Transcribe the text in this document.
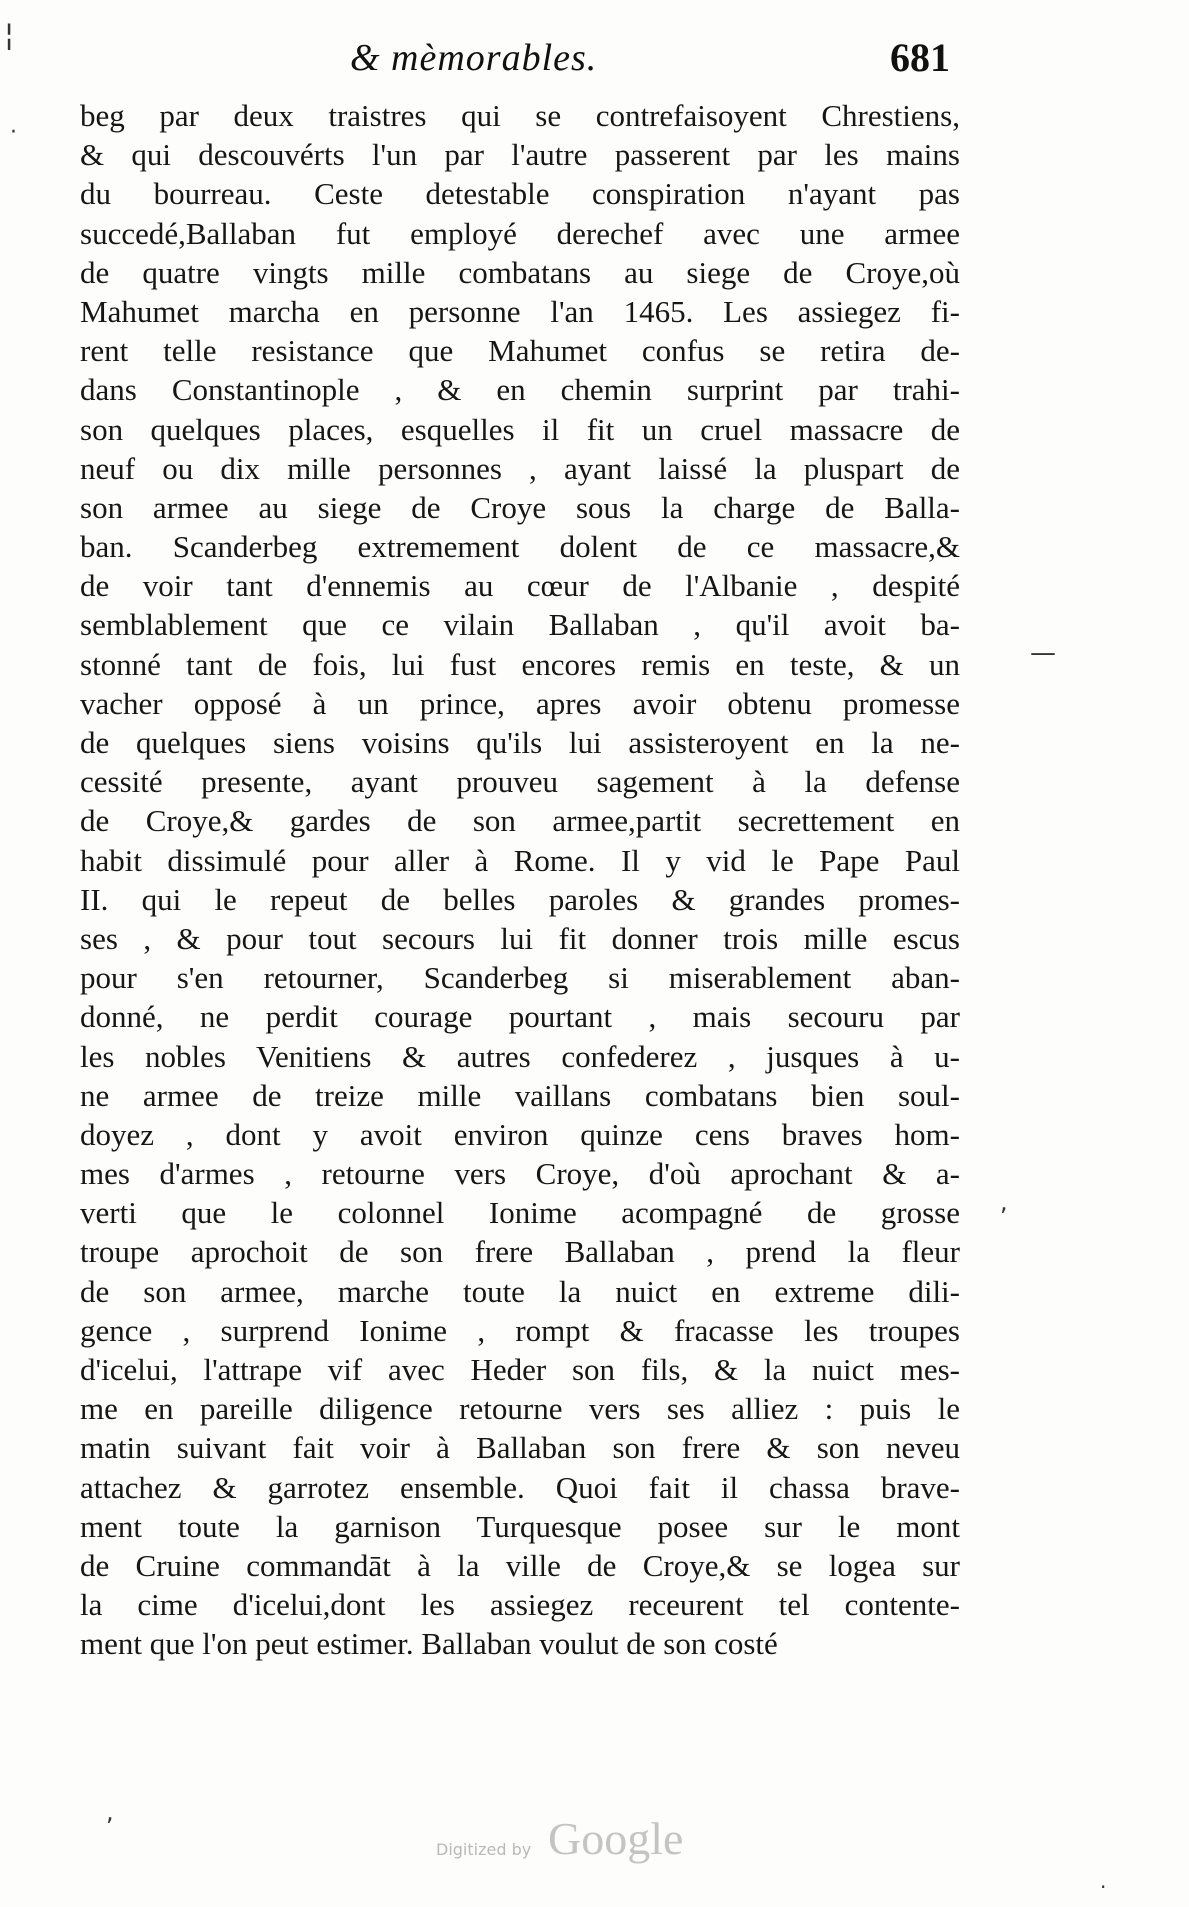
¦
·
& mèmorables.	681
beg par deux traistres qui se contrefaisoyent Chrestiens,
& qui descouvérts l'un par l'autre passerent par les mains
du bourreau. Ceste detestable conspiration n'ayant pas
succedé,Ballaban fut employé derechef avec une armee
de quatre vingts mille combatans au siege de Croye,où
Mahumet marcha en personne l'an 1465. Les assiegez fi-
rent telle resistance que Mahumet confus se retira de-
dans Constantinople , & en chemin surprint par trahi-
son quelques places, esquelles il fit un cruel massacre de
neuf ou dix mille personnes , ayant laissé la pluspart de
son armee au siege de Croye sous la charge de Balla-
ban. Scanderbeg extremement dolent de ce massacre,&
de voir tant d'ennemis au cœur de l'Albanie , despité
semblablement que ce vilain Ballaban , qu'il avoit ba-
stonné tant de fois, lui fust encores remis en teste, & un
vacher opposé à un prince, apres avoir obtenu promesse
de quelques siens voisins qu'ils lui assisteroyent en la ne-
cessité presente, ayant prouveu sagement à la defense
de Croye,& gardes de son armee,partit secrettement en
habit dissimulé pour aller à Rome. Il y vid le Pape Paul
II. qui le repeut de belles paroles & grandes promes-
ses , & pour tout secours lui fit donner trois mille escus
pour s'en retourner, Scanderbeg si miserablement aban-
donné, ne perdit courage pourtant , mais secouru par
les nobles Venitiens & autres confederez , jusques à u-
ne armee de treize mille vaillans combatans bien soul-
doyez , dont y avoit environ quinze cens braves hom-
mes d'armes , retourne vers Croye, d'où aprochant & a-
verti que le colonnel Ionime acompagné de grosse
troupe aprochoit de son frere Ballaban , prend la fleur
de son armee, marche toute la nuict en extreme dili-
gence , surprend Ionime , rompt & fracasse les troupes
d'icelui, l'attrape vif avec Heder son fils, & la nuict mes-
me en pareille diligence retourne vers ses alliez : puis le
matin suivant fait voir à Ballaban son frere & son neveu
attachez & garrotez ensemble. Quoi fait il chassa brave-
ment toute la garnison Turquesque posee sur le mont
de Cruine commandāt à la ville de Croye,& se logea sur
la cime d'icelui,dont les assiegez receurent tel contente-
ment que l'on peut estimer. Ballaban voulut de son costé
—
,
,
·
Digitized by Google
